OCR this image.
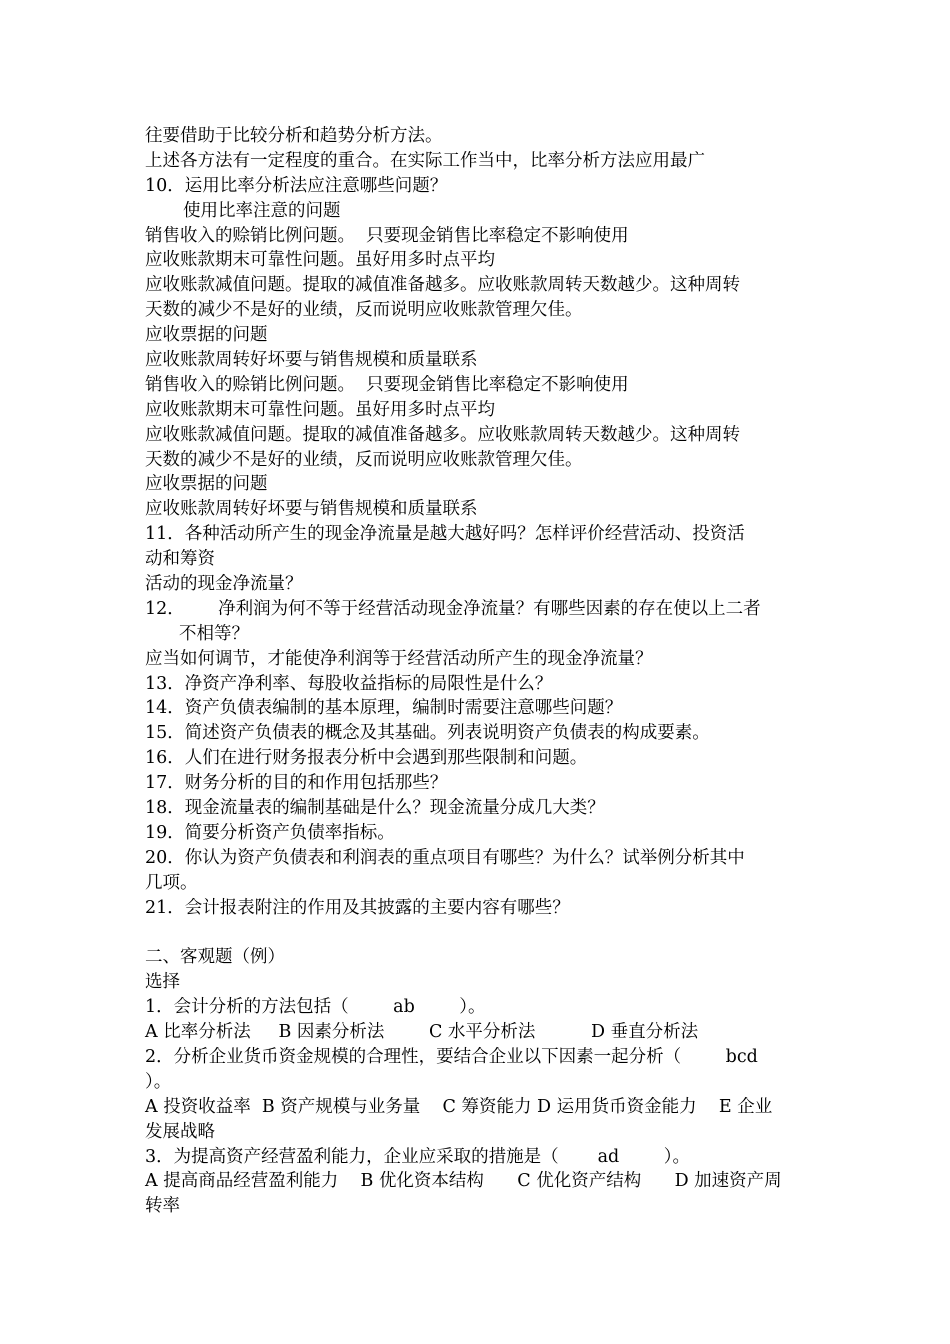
往要借助于比较分析和趋势分析方法。
上述各方法有一定程度的重合。在实际工作当中，比率分析方法应用最广
10．运用比率分析法应注意哪些问题？
使用比率注意的问题
销售收入的赊销比例问题。  只要现金销售比率稳定不影响使用
应收账款期末可靠性问题。虽好用多时点平均
应收账款减值问题。提取的减值准备越多。应收账款周转天数越少。这种周转
天数的减少不是好的业绩，反而说明应收账款管理欠佳。
应收票据的问题
应收账款周转好坏要与销售规模和质量联系
销售收入的赊销比例问题。  只要现金销售比率稳定不影响使用
应收账款期末可靠性问题。虽好用多时点平均
应收账款减值问题。提取的减值准备越多。应收账款周转天数越少。这种周转
天数的减少不是好的业绩，反而说明应收账款管理欠佳。
应收票据的问题
应收账款周转好坏要与销售规模和质量联系
11．各种活动所产生的现金净流量是越大越好吗？怎样评价经营活动、投资活
动和筹资
活动的现金净流量？
12．      净利润为何不等于经营活动现金净流量？有哪些因素的存在使以上二者
不相等？
应当如何调节，才能使净利润等于经营活动所产生的现金净流量？
13．净资产净利率、每股收益指标的局限性是什么？
14．资产负债表编制的基本原理，编制时需要注意哪些问题？
15．简述资产负债表的概念及其基础。列表说明资产负债表的构成要素。
16．人们在进行财务报表分析中会遇到那些限制和问题。
17．财务分析的目的和作用包括那些？
18．现金流量表的编制基础是什么？现金流量分成几大类？
19．简要分析资产负债率指标。
20．你认为资产负债表和利润表的重点项目有哪些？为什么？试举例分析其中
几项。
21．会计报表附注的作用及其披露的主要内容有哪些？
二、客观题（例）
选择
1．会计分析的方法包括（        ab        ）。
A 比率分析法     B 因素分析法        C 水平分析法          D 垂直分析法
2．分析企业货币资金规模的合理性，要结合企业以下因素一起分析（        bcd
）。
A 投资收益率  B 资产规模与业务量    C 筹资能力 D 运用货币资金能力    E 企业
发展战略
3．为提高资产经营盈利能力，企业应采取的措施是（       ad        ）。
A 提高商品经营盈利能力    B 优化资本结构      C 优化资产结构      D 加速资产周
转率
